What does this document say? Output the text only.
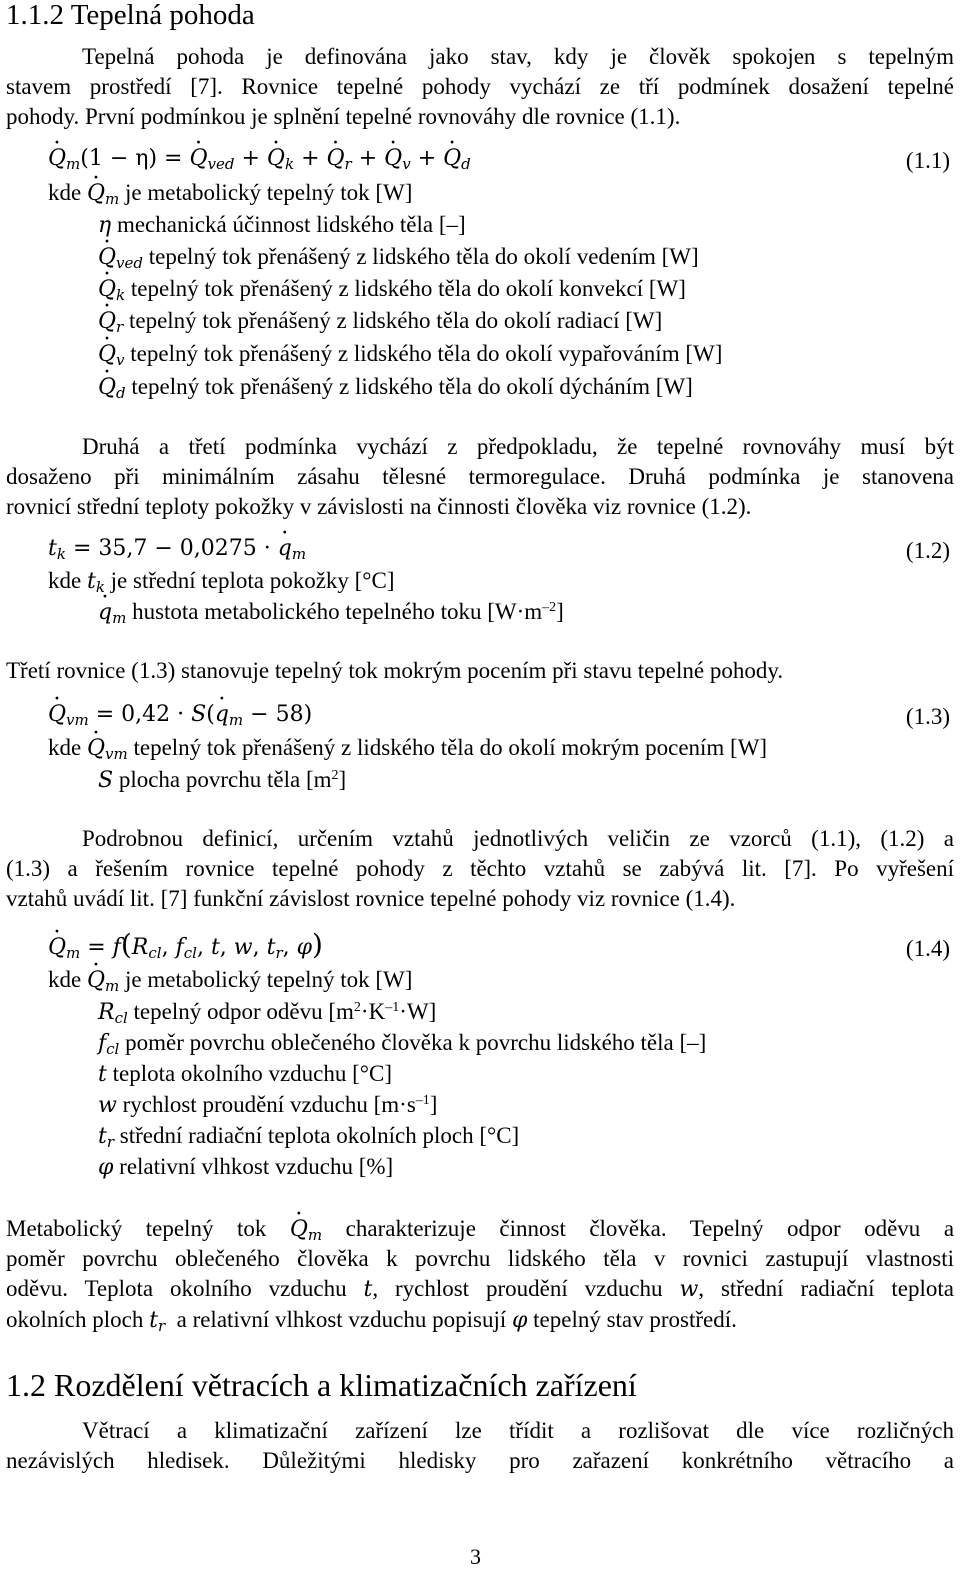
1.1.2 Tepelná pohoda
Tepelná pohoda je definována jako stav, kdy je člověk spokojen s tepelným
stavem prostředí [7]. Rovnice tepelné pohody vychází ze tří podmínek dosažení tepelné
pohody. První podmínkou je splnění tepelné rovnováhy dle rovnice (1.1).
· $Q_m(1 - \eta)$ = · $Q_{ved}$ + · $Q_k$ + · $Q_r$ + · $Q_v$ + · $Q_d$	(1.1)
kde · $Q_m$ je metabolický tepelný tok [W]
η mechanická účinnost lidského těla [–]
· $Q_{ved}$ tepelný tok přenášený z lidského těla do okolí vedením [W]
· $Q_k$ tepelný tok přenášený z lidského těla do okolí konvekcí [W]
· $Q_r$ tepelný tok přenášený z lidského těla do okolí radiací [W]
· $Q_v$ tepelný tok přenášený z lidského těla do okolí vypařováním [W]
· $Q_d$ tepelný tok přenášený z lidského těla do okolí dýcháním [W]
Druhá a třetí podmínka vychází z předpokladu, že tepelné rovnováhy musí být
dosaženo při minimálním zásahu tělesné termoregulace. Druhá podmínka je stanovena
rovnicí střední teploty pokožky v závislosti na činnosti člověka viz rovnice (1.2).
$t_k = 35,7 - 0,0275$ · · $q_m$	(1.2)
kde $t_k$ je střední teplota pokožky [°C]
· $q_m$ hustota metabolického tepelného toku $[W\cdot m^{-2}]$
Třetí rovnice (1.3) stanovuje tepelný tok mokrým pocením při stavu tepelné pohody.
· $Q_{vm} = 0,42 \cdot S(\cdot q_m - 58)$	(1.3)
kde · $Q_{vm}$ tepelný tok přenášený z lidského těla do okolí mokrým pocením [W]
S plocha povrchu těla $[m^2]$
Podrobnou definicí, určením vztahů jednotlivých veličin ze vzorců (1.1), (1.2) a
(1.3) a řešením rovnice tepelné pohody z těchto vztahů se zabývá lit. [7]. Po vyřešení
vztahů uvádí lit. [7] funkční závislost rovnice tepelné pohody viz rovnice (1.4).
· $Q_m = f(R_{cl}$, $f_{cl}$, t, w, $t_r$, φ)	(1.4)
kde · $Q_m$ je metabolický tepelný tok [W]
$R_{cl}$ tepelný odpor oděvu $[m^2\cdot K^{-1}\cdot W]$
$f_{cl}$ poměr povrchu oblečeného člověka k povrchu lidského těla [–]
t teplota okolního vzduchu [°C]
w rychlost proudění vzduchu $[m\cdot s^{-1}]$
$t_r$ střední radiační teplota okolních ploch [°C]
φ relativní vlhkost vzduchu [%]
Metabolický tepelný tok · $Q_m$ charakterizuje činnost člověka. Tepelný odpor oděvu a
poměr povrchu oblečeného člověka k povrchu lidského těla v rovnici zastupují vlastnosti
oděvu. Teplota okolního vzduchu t, rychlost proudění vzduchu w, střední radiační teplota
okolních ploch $t_r$ a relativní vlhkost vzduchu popisují φ tepelný stav prostředí.
1.2 Rozdělení větracích a klimatizačních zařízení
Větrací a klimatizační zařízení lze třídit a rozlišovat dle více rozličných
nezávislých hledisek. Důležitými hledisky pro zařazení konkrétního větracího a
3
